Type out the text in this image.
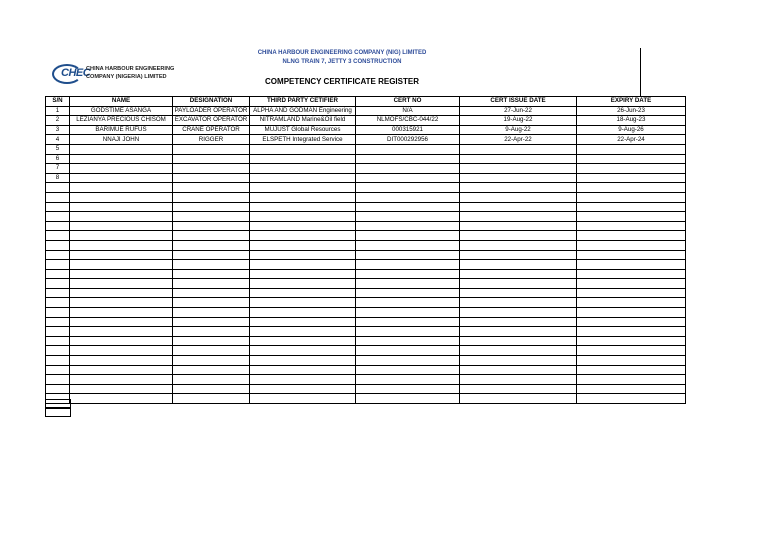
CHINA HARBOUR ENGINEERING COMPANY (NIG) LIMITED
NLNG TRAIN 7, JETTY 3 CONSTRUCTION
CHEC
CHINA HARBOUR ENGINEERING
COMPANY (NIGERIA) LIMITED	COMPETENCY CERTIFICATE REGISTER
S/N	NAME	DESIGNATION	THIRD PARTY CETIFIER	CERT NO	CERT ISSUE DATE	EXPIRY DATE
1	GODSTIME ASANGA	PAYLOADER OPERATOR	ALPHA AND GODMAN Engineering	N/A	27-Jun-22	26-Jun-23
2	LEZIANYA PRECIOUS CHISOM	EXCAVATOR OPERATOR	NITRAMLAND Marine&Oil field	NLMOFS/CBC-044/22	19-Aug-22	18-Aug-23
3	BARIMUE RUFUS	CRANE OPERATOR	MUJUST Global Resources	000315921	9-Aug-22	9-Aug-26
4	NNAJI JOHN	RIGGER	ELSPETH Integrated Service	DIT000292956	22-Apr-22	22-Apr-24
5						
6						
7						
8						
